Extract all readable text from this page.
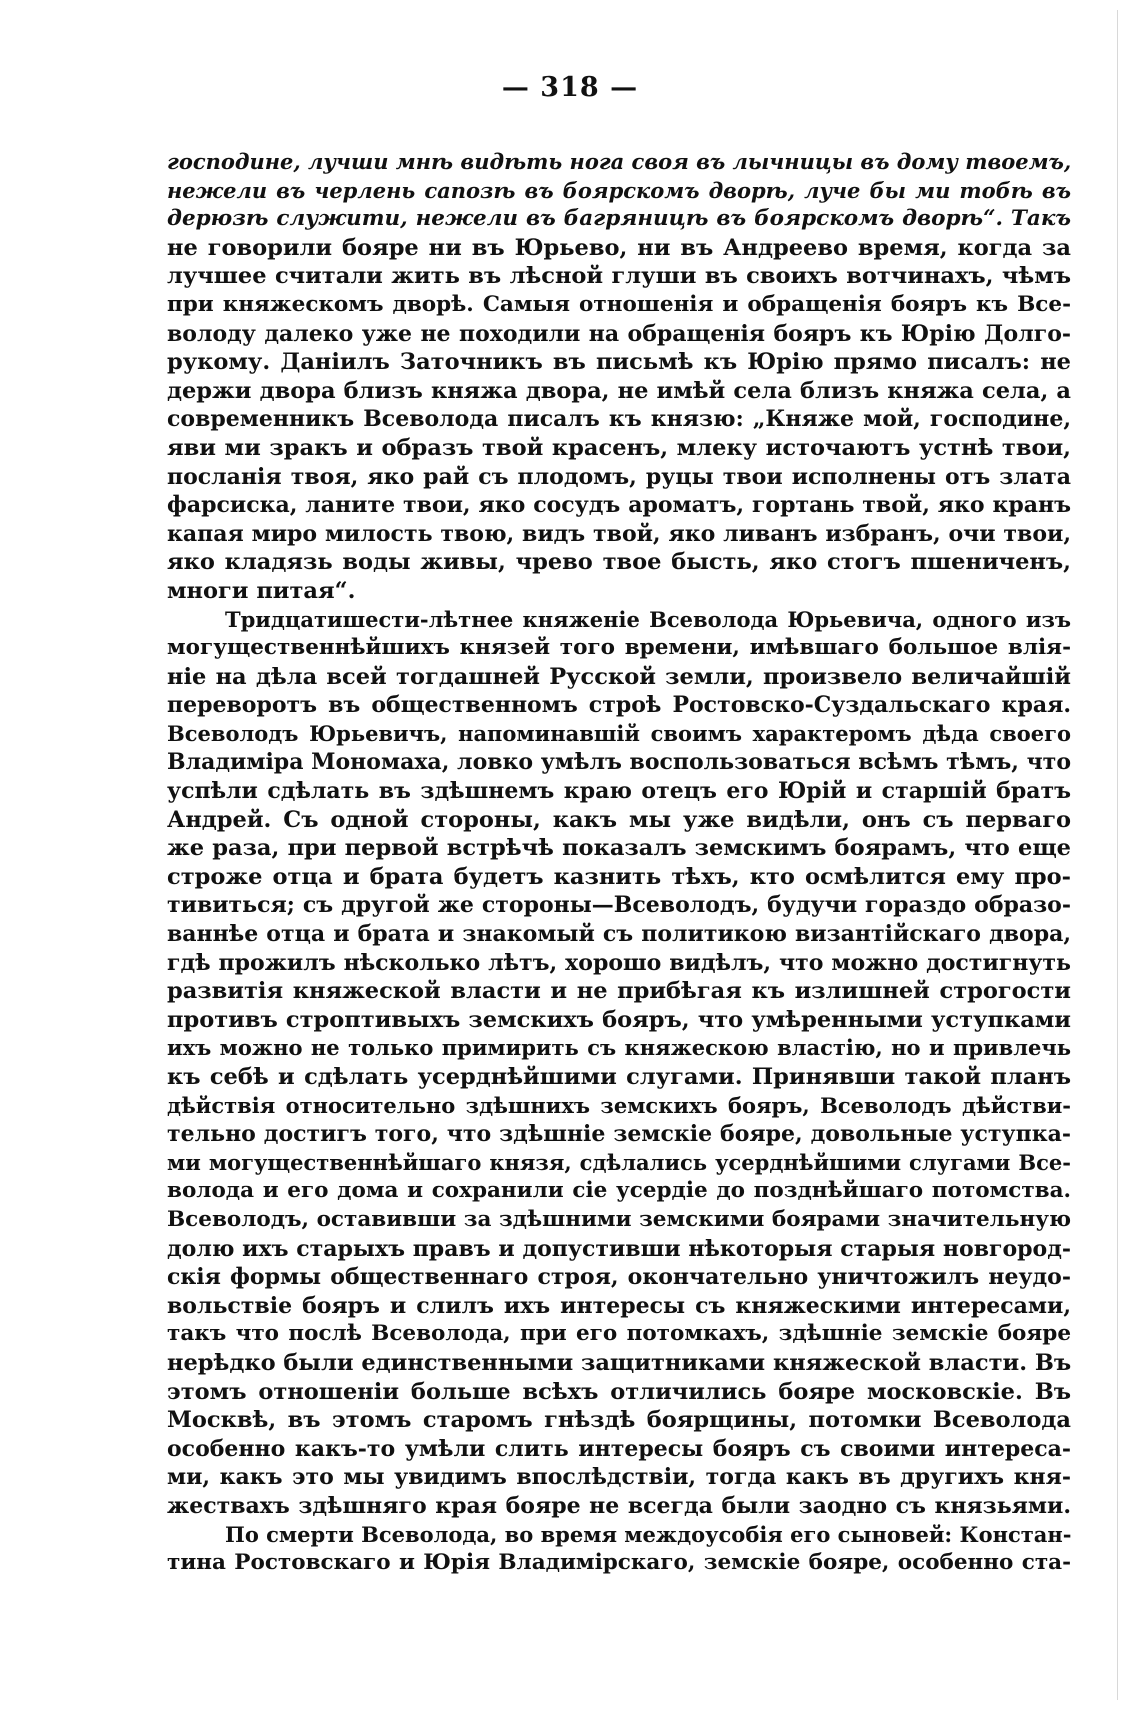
— 318 —
господине, лучши мнѣ видѣть нога своя въ лычницы въ дому твоемъ,
нежели въ черлень сапозѣ въ боярскомъ дворѣ, луче бы ми тобѣ въ
дерюзѣ служити, нежели въ багряницѣ въ боярскомъ дворѣ“. Такъ
не говорили бояре ни въ Юрьево, ни въ Андреево время, когда за
лучшее считали жить въ лѣсной глуши въ своихъ вотчинахъ, чѣмъ
при княжескомъ дворѣ. Самыя отношенія и обращенія бояръ къ Все-
володу далеко уже не походили на обращенія бояръ къ Юрію Долго-
рукому. Даніилъ Заточникъ въ письмѣ къ Юрію прямо писалъ: не
держи двора близъ княжа двора, не имѣй села близъ княжа села, а
современникъ Всеволода писалъ къ князю: „Княже мой, господине,
яви ми зракъ и образъ твой красенъ, млеку источаютъ устнѣ твои,
посланія твоя, яко рай съ плодомъ, руцы твои исполнены отъ злата
фарсиска, ланите твои, яко сосудъ ароматъ, гортань твой, яко кранъ
капая миро милость твою, видъ твой, яко ливанъ избранъ, очи твои,
яко кладязь воды живы, чрево твое бысть, яко стогъ пшениченъ,
многи питая“.
Тридцатишести-лѣтнее княженіе Всеволода Юрьевича, одного изъ
могущественнѣйшихъ князей того времени, имѣвшаго большое влія-
ніе на дѣла всей тогдашней Русской земли, произвело величайшій
переворотъ въ общественномъ строѣ Ростовско-Суздальскаго края.
Всеволодъ Юрьевичъ, напоминавшій своимъ характеромъ дѣда своего
Владиміра Мономаха, ловко умѣлъ воспользоваться всѣмъ тѣмъ, что
успѣли сдѣлать въ здѣшнемъ краю отецъ его Юрій и старшій братъ
Андрей. Съ одной стороны, какъ мы уже видѣли, онъ съ перваго
же раза, при первой встрѣчѣ показалъ земскимъ боярамъ, что еще
строже отца и брата будетъ казнить тѣхъ, кто осмѣлится ему про-
тивиться; съ другой же стороны—Всеволодъ, будучи гораздо образо-
ваннѣе отца и брата и знакомый съ политикою византійскаго двора,
гдѣ прожилъ нѣсколько лѣтъ, хорошо видѣлъ, что можно достигнуть
развитія княжеской власти и не прибѣгая къ излишней строгости
противъ строптивыхъ земскихъ бояръ, что умѣренными уступками
ихъ можно не только примирить съ княжескою властію, но и привлечь
къ себѣ и сдѣлать усерднѣйшими слугами. Принявши такой планъ
дѣйствія относительно здѣшнихъ земскихъ бояръ, Всеволодъ дѣйстви-
тельно достигъ того, что здѣшніе земскіе бояре, довольные уступка-
ми могущественнѣйшаго князя, сдѣлались усерднѣйшими слугами Все-
волода и его дома и сохранили сіе усердіе до позднѣйшаго потомства.
Всеволодъ, оставивши за здѣшними земскими боярами значительную
долю ихъ старыхъ правъ и допустивши нѣкоторыя старыя новгород-
скія формы общественнаго строя, окончательно уничтожилъ неудо-
вольствіе бояръ и слилъ ихъ интересы съ княжескими интересами,
такъ что послѣ Всеволода, при его потомкахъ, здѣшніе земскіе бояре
нерѣдко были единственными защитниками княжеской власти. Въ
этомъ отношеніи больше всѣхъ отличились бояре московскіе. Въ
Москвѣ, въ этомъ старомъ гнѣздѣ боярщины, потомки Всеволода
особенно какъ-то умѣли слить интересы бояръ съ своими интереса-
ми, какъ это мы увидимъ впослѣдствіи, тогда какъ въ другихъ кня-
жествахъ здѣшняго края бояре не всегда были заодно съ князьями.
По смерти Всеволода, во время междоусобія его сыновей: Констан-
тина Ростовскаго и Юрія Владимірскаго, земскіе бояре, особенно ста-
